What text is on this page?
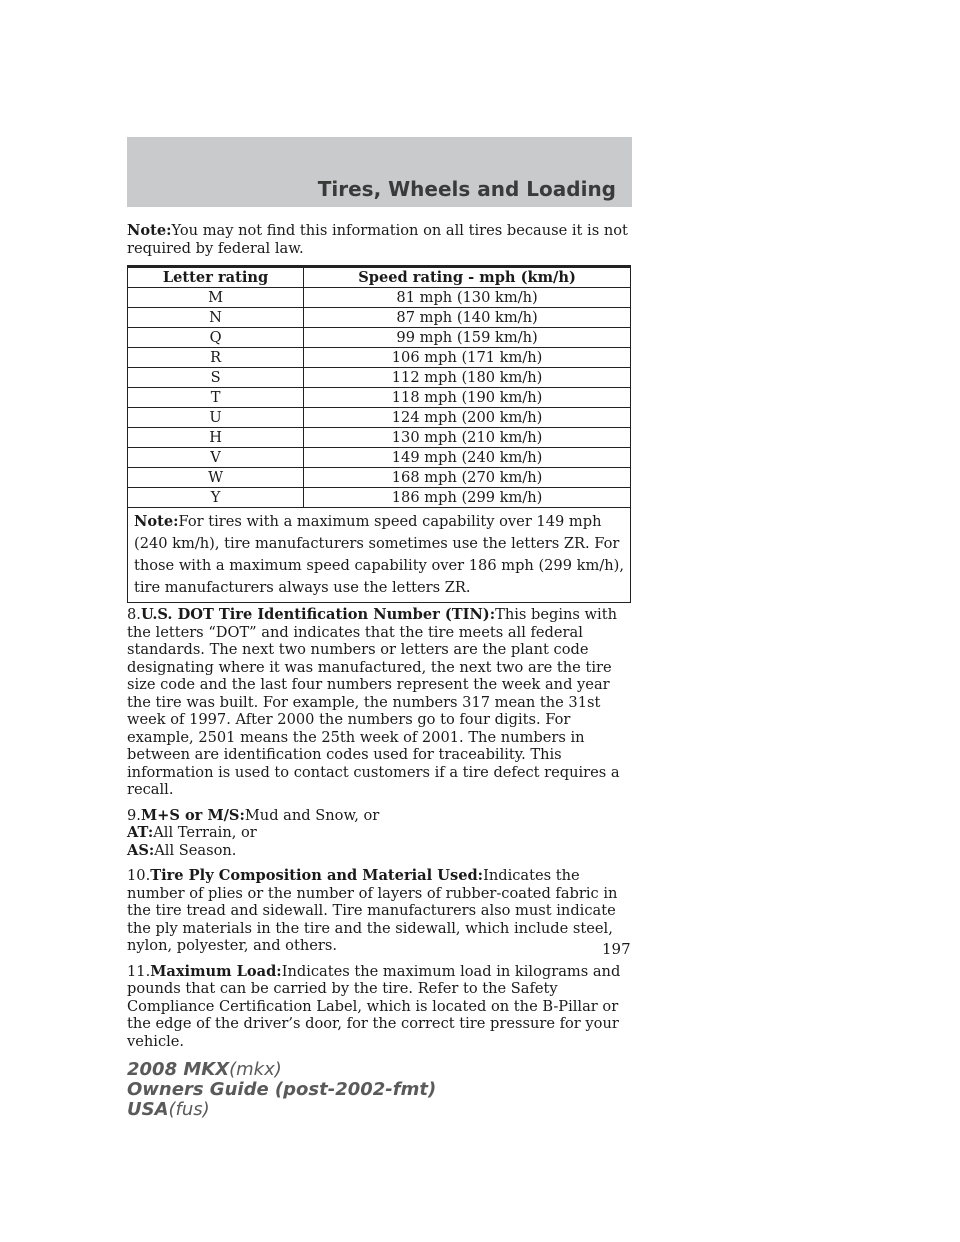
Tires, Wheels and Loading

Note:You may not find this information on all tires because it is not required by federal law.

Letter rating	Speed rating - mph (km/h)
M	81 mph (130 km/h)
N	87 mph (140 km/h)
Q	99 mph (159 km/h)
R	106 mph (171 km/h)
S	112 mph (180 km/h)
T	118 mph (190 km/h)
U	124 mph (200 km/h)
H	130 mph (210 km/h)
V	149 mph (240 km/h)
W	168 mph (270 km/h)
Y	186 mph (299 km/h)
Note:For tires with a maximum speed capability over 149 mph (240 km/h), tire manufacturers sometimes use the letters ZR. For those with a maximum speed capability over 186 mph (299 km/h), tire manufacturers always use the letters ZR.	

8.U.S. DOT Tire Identification Number (TIN):This begins with the letters “DOT” and indicates that the tire meets all federal standards. The next two numbers or letters are the plant code designating where it was manufactured, the next two are the tire size code and the last four numbers represent the week and year the tire was built. For example, the numbers 317 mean the 31st week of 1997. After 2000 the numbers go to four digits. For example, 2501 means the 25th week of 2001. The numbers in between are identification codes used for traceability. This information is used to contact customers if a tire defect requires a recall.

9.M+S or M/S:Mud and Snow, or
AT:All Terrain, or
AS:All Season.

10.Tire Ply Composition and Material Used:Indicates the number of plies or the number of layers of rubber-coated fabric in the tire tread and sidewall. Tire manufacturers also must indicate the ply materials in the tire and the sidewall, which include steel, nylon, polyester, and others.

11.Maximum Load:Indicates the maximum load in kilograms and pounds that can be carried by the tire. Refer to the Safety Compliance Certification Label, which is located on the B-Pillar or the edge of the driver’s door, for the correct tire pressure for your vehicle.

197
2008 MKX(mkx)
Owners Guide (post-2002-fmt)
USA(fus)
